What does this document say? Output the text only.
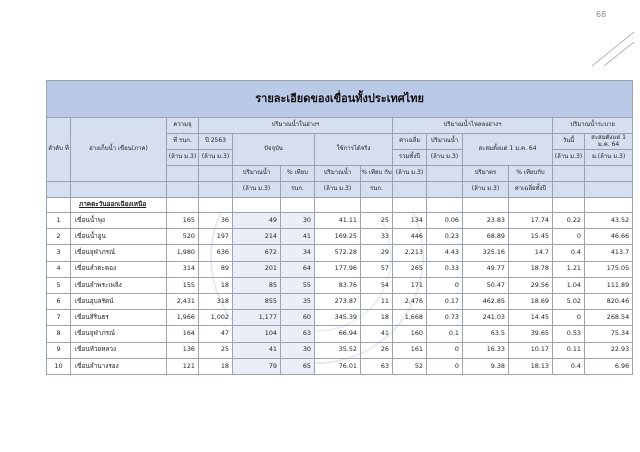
68
รายละเอียดของเขื่อนทั้งประเทศไทย													
ลำดับ ที่	อ่างเก็บน้ำ เขื่อน(ภาค)	ความจุ	ปริมาณน้ำในอ่างฯ					ปริมาณน้ำไหลลงอ่างฯ				ปริมาณน้ำระบาย	
		ที่ รนก.	ปี 2563	ปัจจุบัน		ใช้การได้จริง		ค่าเฉลี่ย	ปริมาณน้ำ	สะสมตั้งแต่ 1 ม.ค. 64		วันนี้	สะสมตั้งแต่ 1 ม.ค. 64
		(ล้าน ม.3)	(ล้าน ม.3)					รวมทั้งปี	(ล้าน ม.3)			(ล้าน ม.3)	ม.(ล้าน ม.3)
				ปริมาณน้ำ	% เทียบ	ปริมาณน้ำ	% เทียบ กับ	(ล้าน ม.3)		ปริมาตร	% เทียบกับ		
				(ล้าน ม.3)	รนก.	(ล้าน ม.3)	รนก.			(ล้าน ม.3)	ค่าเฉลี่ยทั้งปี		
	ภาคตะวันออกเฉียงเหนือ												
1	เขื่อนน้ำพุง	165	36	49	30	41.11	25	134	0.06	23.83	17.74	0.22	43.52
2	เขื่อนน้ำอูน	520	197	214	41	169.25	33	446	0.23	68.89	15.45	0	46.66
3	เขื่อนจุฬาภรณ์	1,980	636	672	34	572.28	29	2,213	4.43	325.16	14.7	0.4	413.7
4	เขื่อนลำตะคอง	314	89	201	64	177.96	57	265	0.33	49.77	18.78	1.21	175.05
5	เขื่อนลำพระเพลิง	155	18	85	55	83.76	54	171	0	50.47	29.56	1.04	111.89
6	เขื่อนอุบลรัตน์	2,431	318	855	35	273.87	11	2,476	0.17	462.85	18.69	5.02	820.46
7	เขื่อนสิรินธร	1,966	1,002	1,177	60	345.39	18	1,668	0.73	241.03	14.45	0	268.54
8	เขื่อนจุฬาภรณ์	164	47	104	63	66.94	41	160	0.1	63.5	39.65	0.53	75.34
9	เขื่อนห้วยหลวง	136	25	41	30	35.52	26	161	0	16.33	10.17	0.11	22.93
10	เขื่อนลำนางรอง	121	18	79	65	76.01	63	52	0	9.38	18.13	0.4	6.96
